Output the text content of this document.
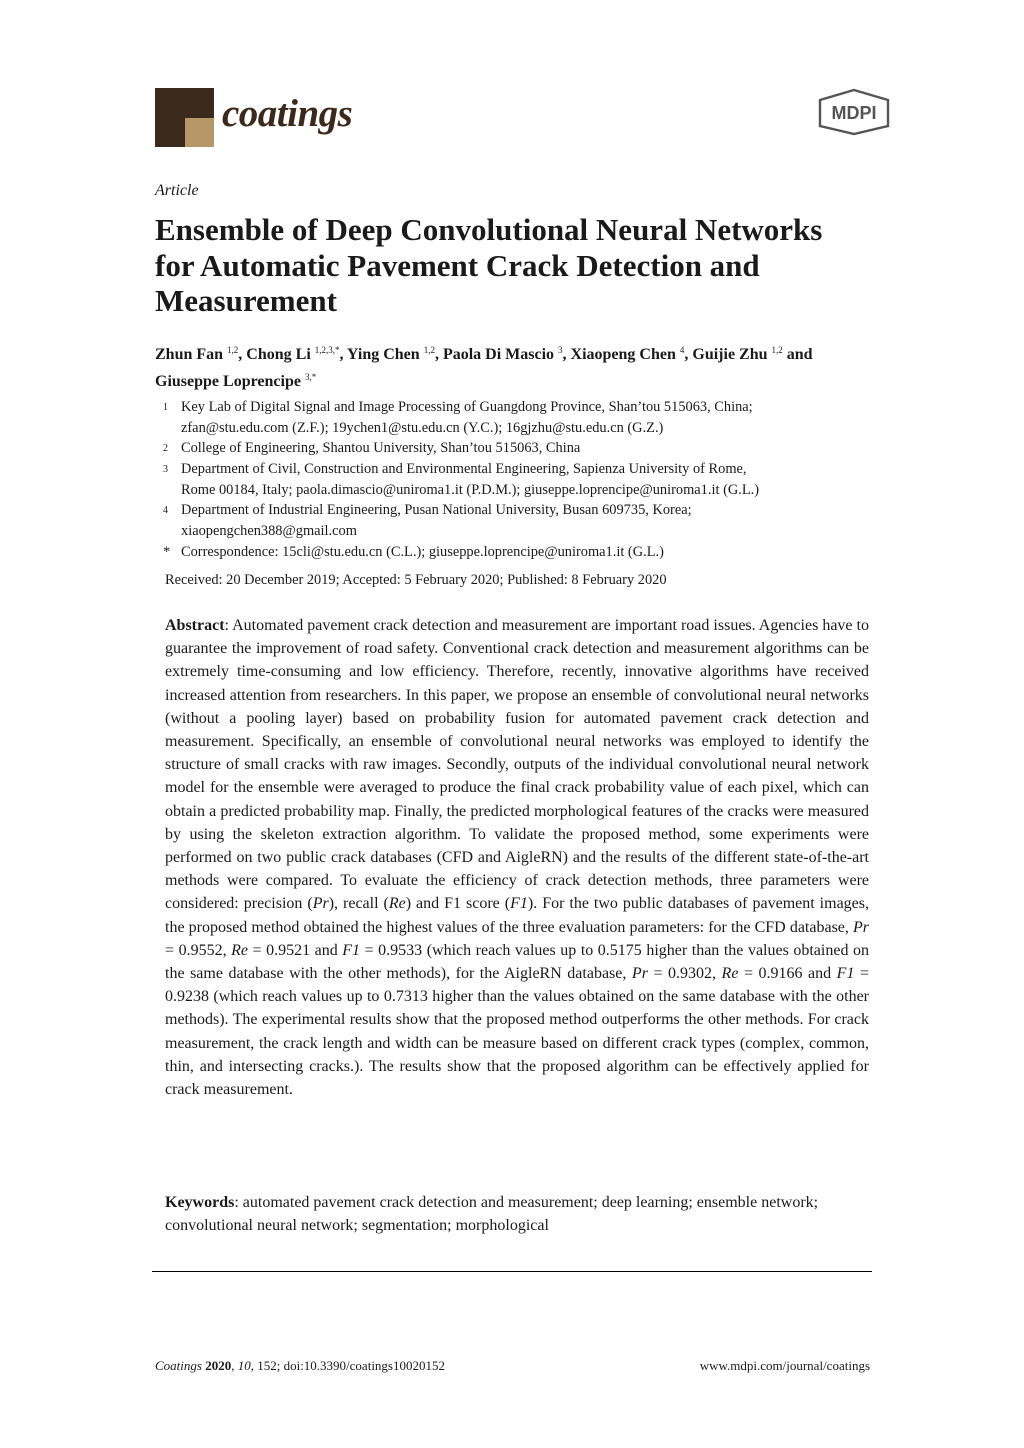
coatings	MDPI
Article
Ensemble of Deep Convolutional Neural Networks for Automatic Pavement Crack Detection and Measurement
Zhun Fan $^{1,2}$, Chong Li $^{1,2,3,*}$, Ying Chen $^{1,2}$, Paola Di Mascio $^3$, Xiaopeng Chen $^4$, Guijie Zhu $^{1,2}$ and Giuseppe Loprencipe $^{3,*}$
1 Key Lab of Digital Signal and Image Processing of Guangdong Province, Shan’tou 515063, China;
zfan@stu.edu.com (Z.F.); 19ychen1@stu.edu.cn (Y.C.); 16gjzhu@stu.edu.cn (G.Z.)
2 College of Engineering, Shantou University, Shan’tou 515063, China
3 Department of Civil, Construction and Environmental Engineering, Sapienza University of Rome,
Rome 00184, Italy; paola.dimascio@uniroma1.it (P.D.M.); giuseppe.loprencipe@uniroma1.it (G.L.)
4 Department of Industrial Engineering, Pusan National University, Busan 609735, Korea;
xiaopengchen388@gmail.com
* Correspondence: 15cli@stu.edu.cn (C.L.); giuseppe.loprencipe@uniroma1.it (G.L.)
Received: 20 December 2019; Accepted: 5 February 2020; Published: 8 February 2020
Abstract: Automated pavement crack detection and measurement are important road issues. Agencies have to guarantee the improvement of road safety. Conventional crack detection and measurement algorithms can be extremely time-consuming and low efficiency. Therefore, recently, innovative algorithms have received increased attention from researchers. In this paper, we propose an ensemble of convolutional neural networks (without a pooling layer) based on probability fusion for automated pavement crack detection and measurement. Specifically, an ensemble of convolutional neural networks was employed to identify the structure of small cracks with raw images. Secondly, outputs of the individual convolutional neural network model for the ensemble were averaged to produce the final crack probability value of each pixel, which can obtain a predicted probability map. Finally, the predicted morphological features of the cracks were measured by using the skeleton extraction algorithm. To validate the proposed method, some experiments were performed on two public crack databases (CFD and AigleRN) and the results of the different state-of-the-art methods were compared. To evaluate the efficiency of crack detection methods, three parameters were considered: precision (Pr), recall (Re) and F1 score (F1). For the two public databases of pavement images, the proposed method obtained the highest values of the three evaluation parameters: for the CFD database, Pr = 0.9552, Re = 0.9521 and F1 = 0.9533 (which reach values up to 0.5175 higher than the values obtained on the same database with the other methods), for the AigleRN database, Pr = 0.9302, Re = 0.9166 and F1 = 0.9238 (which reach values up to 0.7313 higher than the values obtained on the same database with the other methods). The experimental results show that the proposed method outperforms the other methods. For crack measurement, the crack length and width can be measure based on different crack types (complex, common, thin, and intersecting cracks.). The results show that the proposed algorithm can be effectively applied for crack measurement.
Keywords: automated pavement crack detection and measurement; deep learning; ensemble network; convolutional neural network; segmentation; morphological
Coatings 2020, 10, 152; doi:10.3390/coatings10020152	www.mdpi.com/journal/coatings
